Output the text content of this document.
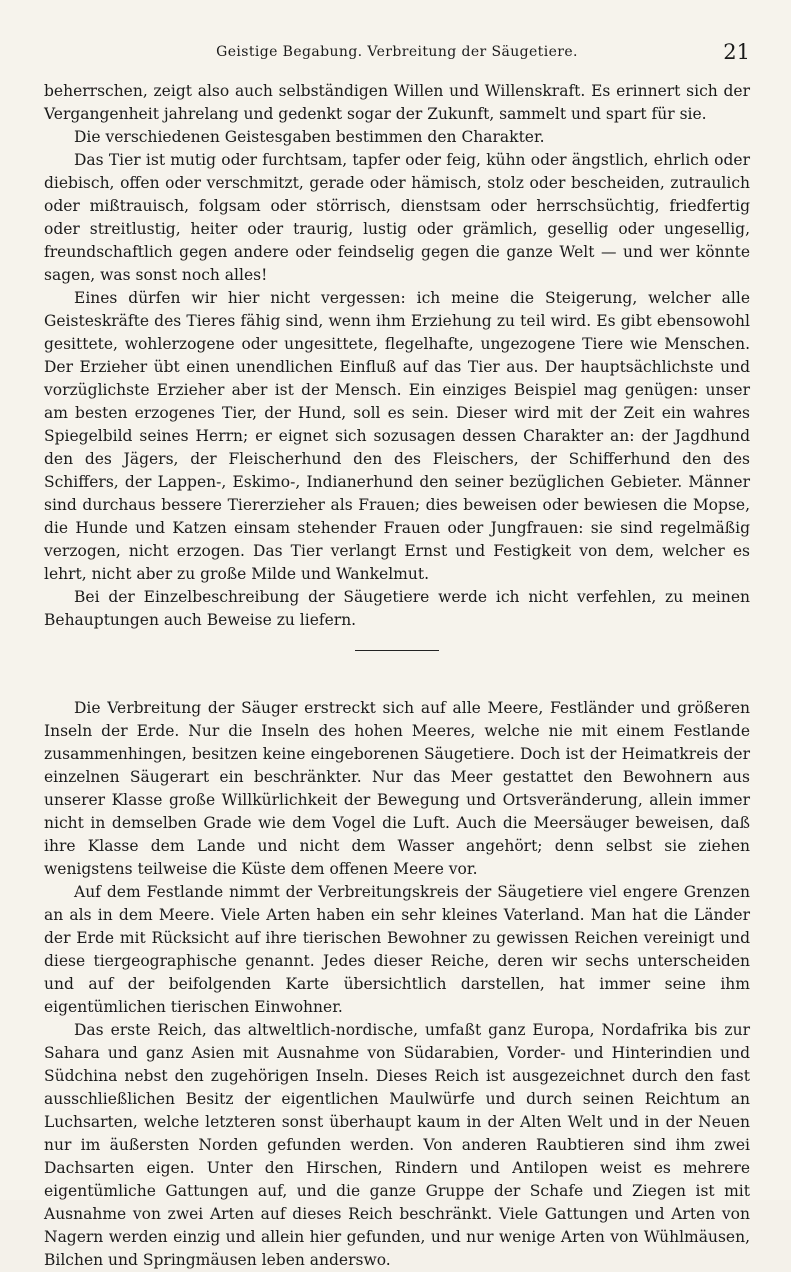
Geistige Begabung. Verbreitung der Säugetiere.	21

beherrschen, zeigt also auch selbständigen Willen und Willenskraft. Es erinnert sich der Vergangenheit jahrelang und gedenkt sogar der Zukunft, sammelt und spart für sie.

Die verschiedenen Geistesgaben bestimmen den Charakter.

Das Tier ist mutig oder furchtsam, tapfer oder feig, kühn oder ängstlich, ehrlich oder diebisch, offen oder verschmitzt, gerade oder hämisch, stolz oder bescheiden, zutraulich oder mißtrauisch, folgsam oder störrisch, dienstsam oder herrschsüchtig, friedfertig oder streitlustig, heiter oder traurig, lustig oder grämlich, gesellig oder ungesellig, freundschaftlich gegen andere oder feindselig gegen die ganze Welt — und wer könnte sagen, was sonst noch alles!

Eines dürfen wir hier nicht vergessen: ich meine die Steigerung, welcher alle Geisteskräfte des Tieres fähig sind, wenn ihm Erziehung zu teil wird. Es gibt ebensowohl gesittete, wohlerzogene oder ungesittete, flegelhafte, ungezogene Tiere wie Menschen. Der Erzieher übt einen unendlichen Einfluß auf das Tier aus. Der hauptsächlichste und vorzüglichste Erzieher aber ist der Mensch. Ein einziges Beispiel mag genügen: unser am besten erzogenes Tier, der Hund, soll es sein. Dieser wird mit der Zeit ein wahres Spiegelbild seines Herrn; er eignet sich sozusagen dessen Charakter an: der Jagdhund den des Jägers, der Fleischerhund den des Fleischers, der Schifferhund den des Schiffers, der Lappen-, Eskimo-, Indianerhund den seiner bezüglichen Gebieter. Männer sind durchaus bessere Tiererzieher als Frauen; dies beweisen oder bewiesen die Mopse, die Hunde und Katzen einsam stehender Frauen oder Jungfrauen: sie sind regelmäßig verzogen, nicht erzogen. Das Tier verlangt Ernst und Festigkeit von dem, welcher es lehrt, nicht aber zu große Milde und Wankelmut.

Bei der Einzelbeschreibung der Säugetiere werde ich nicht verfehlen, zu meinen Behauptungen auch Beweise zu liefern.

Die Verbreitung der Säuger erstreckt sich auf alle Meere, Festländer und größeren Inseln der Erde. Nur die Inseln des hohen Meeres, welche nie mit einem Festlande zusammenhingen, besitzen keine eingeborenen Säugetiere. Doch ist der Heimatkreis der einzelnen Säugerart ein beschränkter. Nur das Meer gestattet den Bewohnern aus unserer Klasse große Willkürlichkeit der Bewegung und Ortsveränderung, allein immer nicht in demselben Grade wie dem Vogel die Luft. Auch die Meersäuger beweisen, daß ihre Klasse dem Lande und nicht dem Wasser angehört; denn selbst sie ziehen wenigstens teilweise die Küste dem offenen Meere vor.

Auf dem Festlande nimmt der Verbreitungskreis der Säugetiere viel engere Grenzen an als in dem Meere. Viele Arten haben ein sehr kleines Vaterland. Man hat die Länder der Erde mit Rücksicht auf ihre tierischen Bewohner zu gewissen Reichen vereinigt und diese tiergeographische genannt. Jedes dieser Reiche, deren wir sechs unterscheiden und auf der beifolgenden Karte übersichtlich darstellen, hat immer seine ihm eigentümlichen tierischen Einwohner.

Das erste Reich, das altweltlich-nordische, umfaßt ganz Europa, Nordafrika bis zur Sahara und ganz Asien mit Ausnahme von Südarabien, Vorder- und Hinterindien und Südchina nebst den zugehörigen Inseln. Dieses Reich ist ausgezeichnet durch den fast ausschließlichen Besitz der eigentlichen Maulwürfe und durch seinen Reichtum an Luchsarten, welche letzteren sonst überhaupt kaum in der Alten Welt und in der Neuen nur im äußersten Norden gefunden werden. Von anderen Raubtieren sind ihm zwei Dachsarten eigen. Unter den Hirschen, Rindern und Antilopen weist es mehrere eigentümliche Gattungen auf, und die ganze Gruppe der Schafe und Ziegen ist mit Ausnahme von zwei Arten auf dieses Reich beschränkt. Viele Gattungen und Arten von Nagern werden einzig und allein hier gefunden, und nur wenige Arten von Wühlmäusen, Bilchen und Springmäusen leben anderswo.
